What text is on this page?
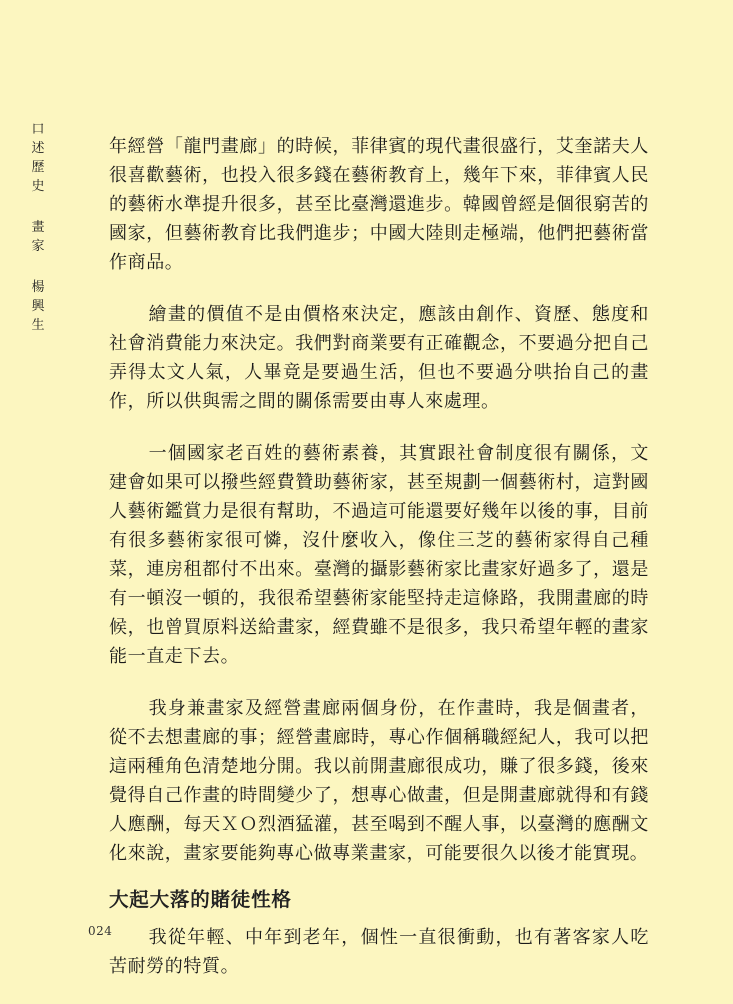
口述歷史
畫家
楊興生

年經營「龍門畫廊」的時候，菲律賓的現代畫很盛行，艾奎諾夫人很喜歡藝術，也投入很多錢在藝術教育上，幾年下來，菲律賓人民的藝術水準提升很多，甚至比臺灣還進步。韓國曾經是個很窮苦的國家，但藝術教育比我們進步；中國大陸則走極端，他們把藝術當作商品。

繪畫的價值不是由價格來決定，應該由創作、資歷、態度和社會消費能力來決定。我們對商業要有正確觀念，不要過分把自己弄得太文人氣，人畢竟是要過生活，但也不要過分哄抬自己的畫作，所以供與需之間的關係需要由專人來處理。

一個國家老百姓的藝術素養，其實跟社會制度很有關係，文建會如果可以撥些經費贊助藝術家，甚至規劃一個藝術村，這對國人藝術鑑賞力是很有幫助，不過這可能還要好幾年以後的事，目前有很多藝術家很可憐，沒什麼收入，像住三芝的藝術家得自己種菜，連房租都付不出來。臺灣的攝影藝術家比畫家好過多了，還是有一頓沒一頓的，我很希望藝術家能堅持走這條路，我開畫廊的時候，也曾買原料送給畫家，經費雖不是很多，我只希望年輕的畫家能一直走下去。

我身兼畫家及經營畫廊兩個身份，在作畫時，我是個畫者，從不去想畫廊的事；經營畫廊時，專心作個稱職經紀人，我可以把這兩種角色清楚地分開。我以前開畫廊很成功，賺了很多錢，後來覺得自己作畫的時間變少了，想專心做畫，但是開畫廊就得和有錢人應酬，每天ＸＯ烈酒猛灌，甚至喝到不醒人事，以臺灣的應酬文化來說，畫家要能夠專心做專業畫家，可能要很久以後才能實現。

大起大落的賭徒性格

我從年輕、中年到老年，個性一直很衝動，也有著客家人吃苦耐勞的特質。

024
